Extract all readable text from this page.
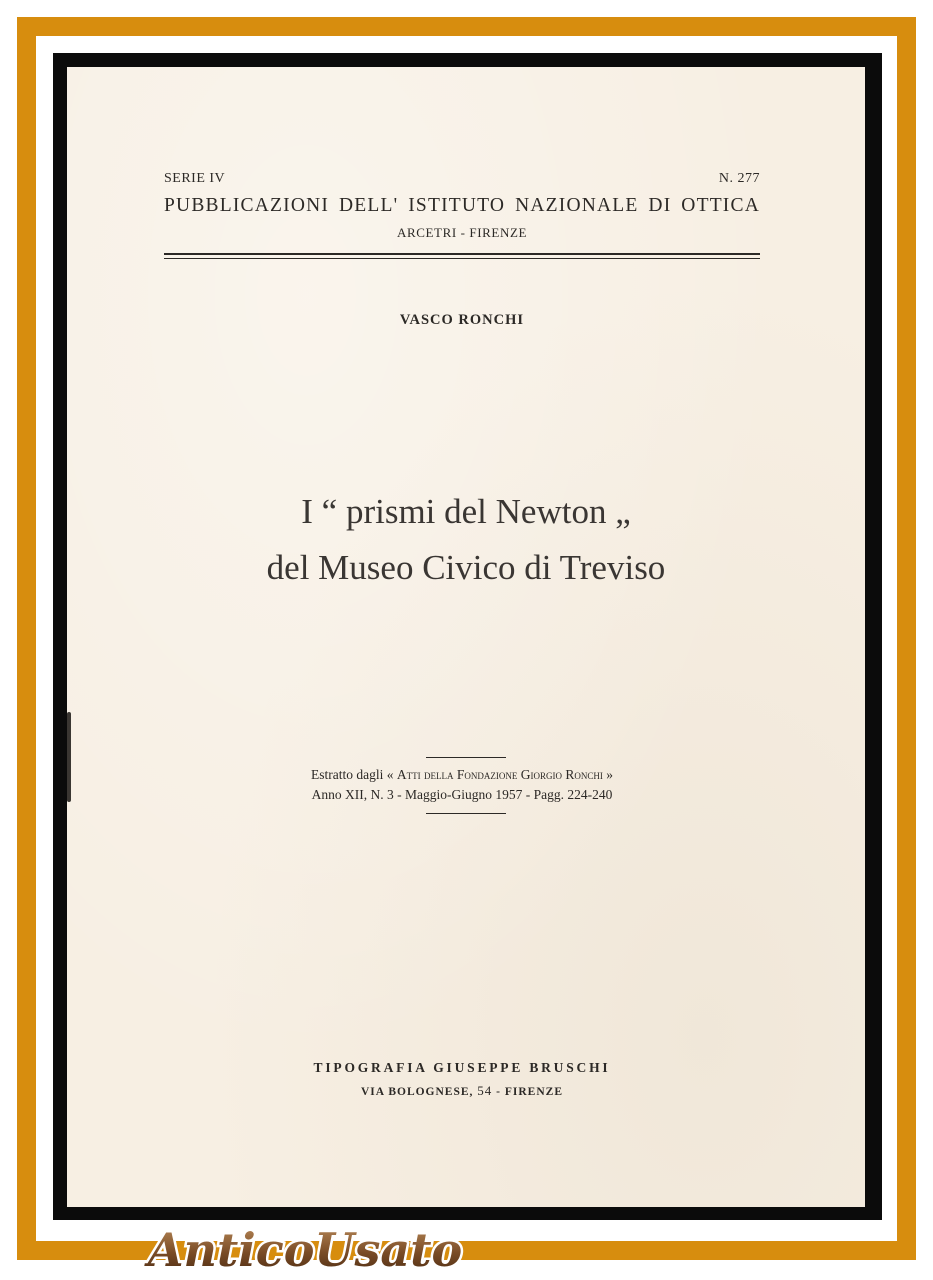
SERIE IV	N. 277
PUBBLICAZIONI DELL' ISTITUTO NAZIONALE DI OTTICA
ARCETRI - FIRENZE
VASCO RONCHI
I “ prismi del Newton „
del Museo Civico di Treviso
Estratto dagli « Atti della Fondazione Giorgio Ronchi »
Anno XII, N. 3 - Maggio-Giugno 1957 - Pagg. 224-240
TIPOGRAFIA GIUSEPPE BRUSCHI
VIA BOLOGNESE, 54 - FIRENZE
AnticoUsato
